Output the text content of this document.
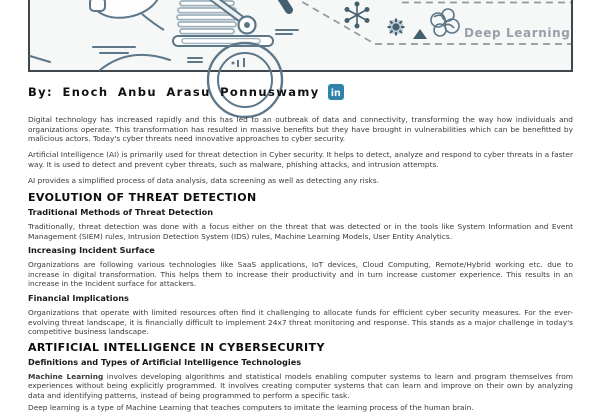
Deep Learning
By: Enoch Anbu Arasu Ponnuswamy	in

Digital technology has increased rapidly and this has led to an outbreak of data and connectivity, transforming the way how individuals and organizations operate. This transformation has resulted in massive benefits but they have brought in vulnerabilities which can be benefitted by malicious actors. Today's cyber threats need innovative approaches to cyber security.

Artificial Intelligence (AI) is primarily used for threat detection in Cyber security. It helps to detect, analyze and respond to cyber threats in a faster way. It is used to detect and prevent cyber threats, such as malware, phishing attacks, and intrusion attempts.

AI provides a simplified process of data analysis, data screening as well as detecting any risks.

EVOLUTION OF THREAT DETECTION
Traditional Methods of Threat Detection

Traditionally, threat detection was done with a focus either on the threat that was detected or in the tools like System Information and Event Management (SIEM) rules, Intrusion Detection System (IDS) rules, Machine Learning Models, User Entity Analytics.

Increasing Incident Surface

Organizations are following various technologies like SaaS applications, IoT devices, Cloud Computing, Remote/Hybrid working etc. due to increase in digital transformation. This helps them to increase their productivity and in turn increase customer experience. This results in an increase in the Incident surface for attackers.

Financial Implications

Organizations that operate with limited resources often find it challenging to allocate funds for efficient cyber security measures. For the ever-evolving threat landscape, it is financially difficult to implement 24x7 threat monitoring and response. This stands as a major challenge in today's competitive business landscape.

ARTIFICIAL INTELLIGENCE IN CYBERSECURITY
Definitions and Types of Artificial Intelligence Technologies

Machine Learning involves developing algorithms and statistical models enabling computer systems to learn and program themselves from experiences without being explicitly programmed. It involves creating computer systems that can learn and improve on their own by analyzing data and identifying patterns, instead of being programmed to perform a specific task.

Deep learning is a type of Machine Learning that teaches computers to imitate the learning process of the human brain.
